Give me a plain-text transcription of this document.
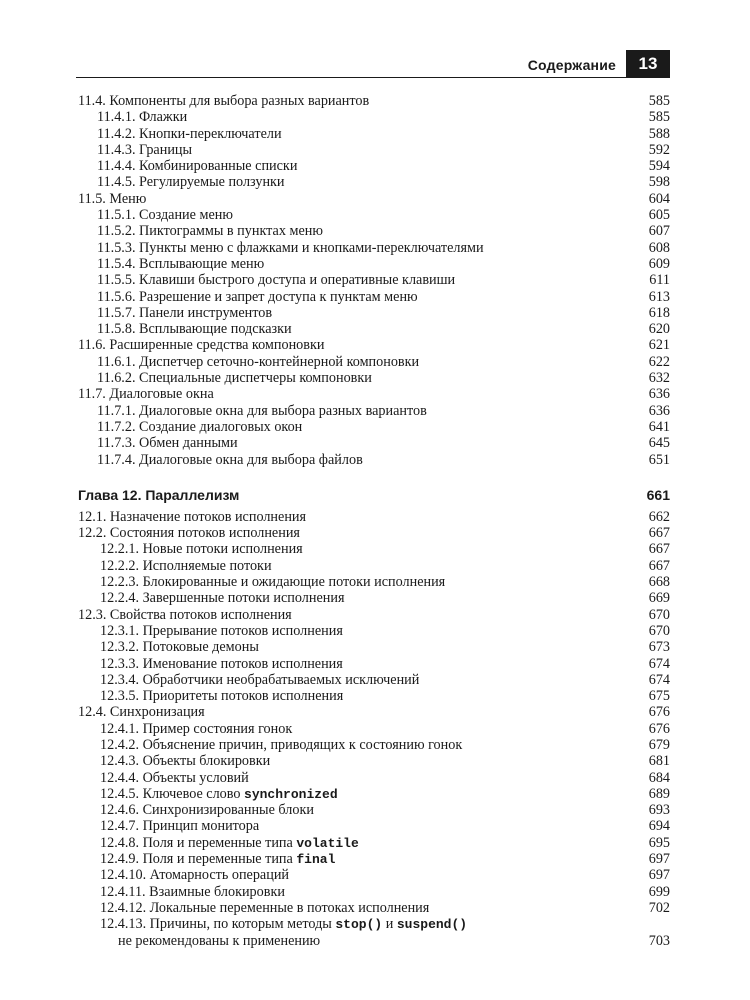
Содержание	13
11.4. Компоненты для выбора разных вариантов	585
11.4.1. Флажки	585
11.4.2. Кнопки-переключатели	588
11.4.3. Границы	592
11.4.4. Комбинированные списки	594
11.4.5. Регулируемые ползунки	598
11.5. Меню	604
11.5.1. Создание меню	605
11.5.2. Пиктограммы в пунктах меню	607
11.5.3. Пункты меню с флажками и кнопками-переключателями	608
11.5.4. Всплывающие меню	609
11.5.5. Клавиши быстрого доступа и оперативные клавиши	611
11.5.6. Разрешение и запрет доступа к пунктам меню	613
11.5.7. Панели инструментов	618
11.5.8. Всплывающие подсказки	620
11.6. Расширенные средства компоновки	621
11.6.1. Диспетчер сеточно-контейнерной компоновки	622
11.6.2. Специальные диспетчеры компоновки	632
11.7. Диалоговые окна	636
11.7.1. Диалоговые окна для выбора разных вариантов	636
11.7.2. Создание диалоговых окон	641
11.7.3. Обмен данными	645
11.7.4. Диалоговые окна для выбора файлов	651
Глава 12. Параллелизм	661
12.1. Назначение потоков исполнения	662
12.2. Состояния потоков исполнения	667
12.2.1. Новые потоки исполнения	667
12.2.2. Исполняемые потоки	667
12.2.3. Блокированные и ожидающие потоки исполнения	668
12.2.4. Завершенные потоки исполнения	669
12.3. Свойства потоков исполнения	670
12.3.1. Прерывание потоков исполнения	670
12.3.2. Потоковые демоны	673
12.3.3. Именование потоков исполнения	674
12.3.4. Обработчики необрабатываемых исключений	674
12.3.5. Приоритеты потоков исполнения	675
12.4. Синхронизация	676
12.4.1. Пример состояния гонок	676
12.4.2. Объяснение причин, приводящих к состоянию гонок	679
12.4.3. Объекты блокировки	681
12.4.4. Объекты условий	684
12.4.5. Ключевое слово synchronized	689
12.4.6. Синхронизированные блоки	693
12.4.7. Принцип монитора	694
12.4.8. Поля и переменные типа volatile	695
12.4.9. Поля и переменные типа final	697
12.4.10. Атомарность операций	697
12.4.11. Взаимные блокировки	699
12.4.12. Локальные переменные в потоках исполнения	702
12.4.13. Причины, по которым методы stop() и suspend()
не рекомендованы к применению	703
